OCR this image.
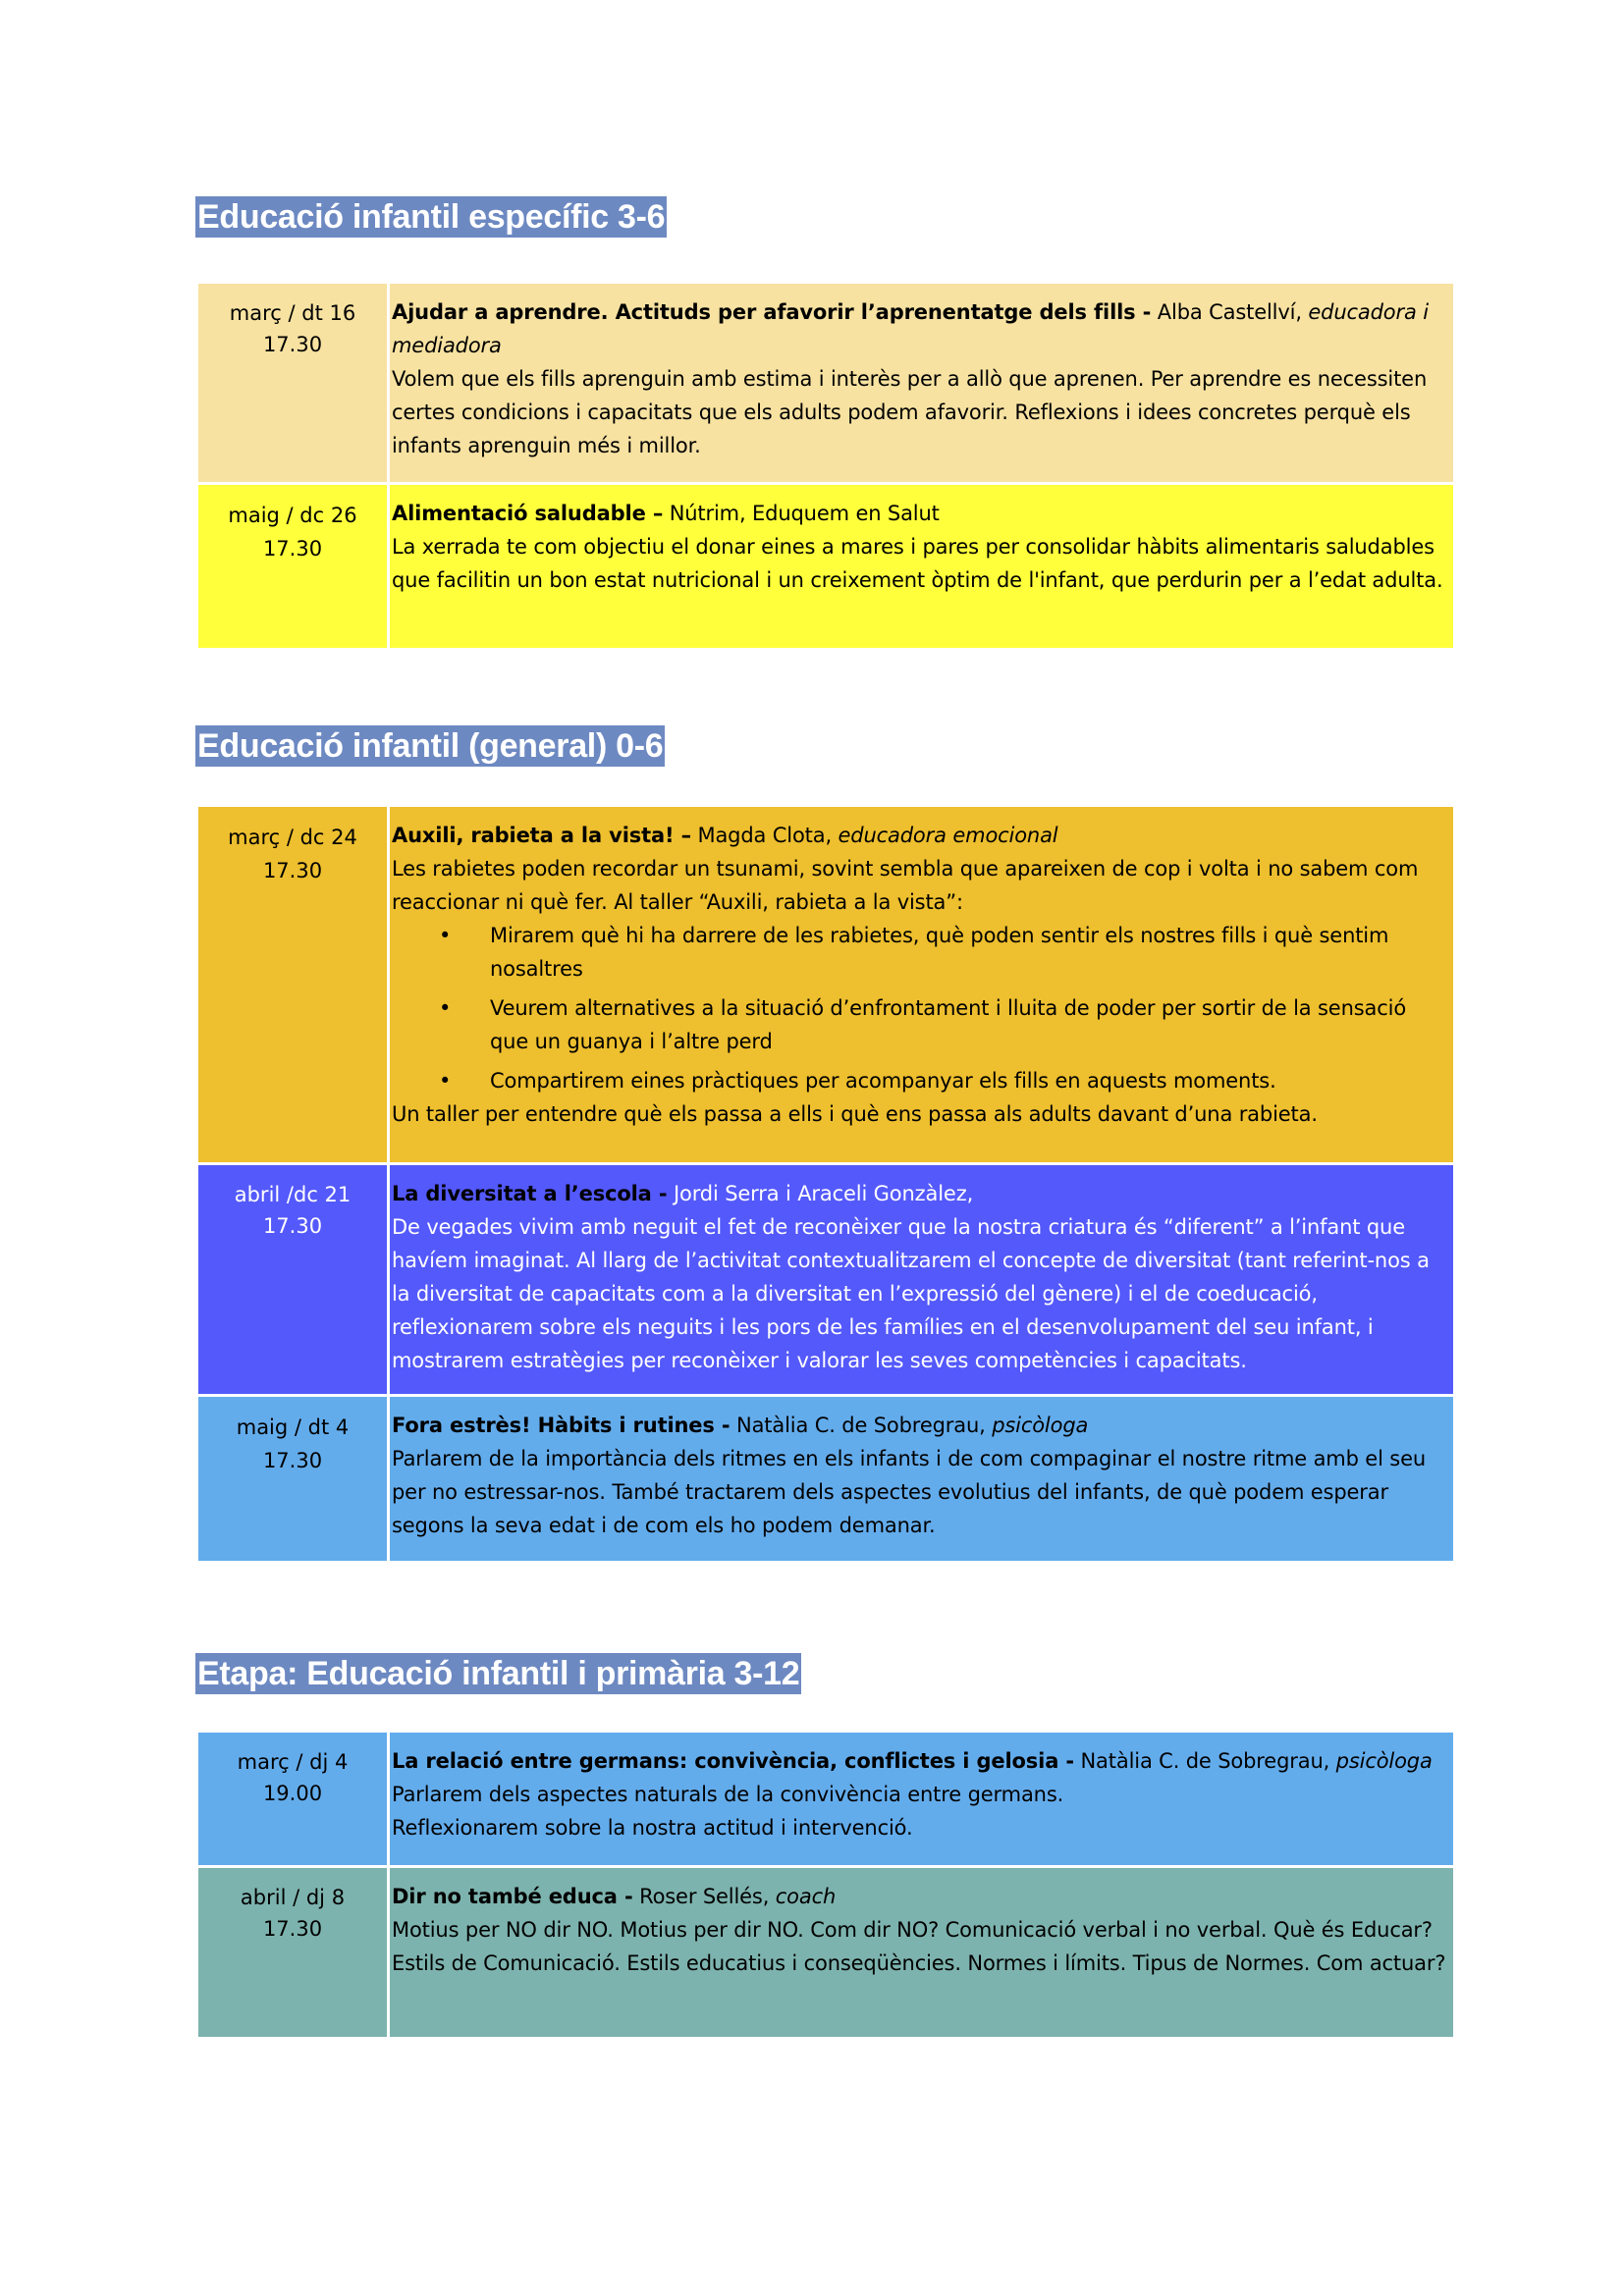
Educació infantil específic 3-6
març / dt 16
17.30

Ajudar a aprendre. Actituds per afavorir l’aprenentatge dels fills - Alba Castellví, educadora i mediadora

Volem que els fills aprenguin amb estima i interès per a allò que aprenen. Per aprendre es necessiten certes condicions i capacitats que els adults podem afavorir. Reflexions i idees concretes perquè els infants aprenguin més i millor.

maig / dc 26
17.30

Alimentació saludable – Nútrim, Eduquem en Salut

La xerrada te com objectiu el donar eines a mares i pares per consolidar hàbits alimentaris saludables que facilitin un bon estat nutricional i un creixement òptim de l'infant, que perdurin per a l’edat adulta.

Educació infantil (general) 0-6
març / dc 24
17.30

Auxili, rabieta a la vista! – Magda Clota, educadora emocional

Les rabietes poden recordar un tsunami, sovint sembla que apareixen de cop i volta i no sabem com reaccionar ni què fer. Al taller “Auxili, rabieta a la vista”:

• Mirarem què hi ha darrere de les rabietes, què poden sentir els nostres fills i què sentim nosaltres
• Veurem alternatives a la situació d’enfrontament i lluita de poder per sortir de la sensació que un guanya i l’altre perd
• Compartirem eines pràctiques per acompanyar els fills en aquests moments.

Un taller per entendre què els passa a ells i què ens passa als adults davant d’una rabieta.

abril /dc 21
17.30

La diversitat a l’escola - Jordi Serra i Araceli Gonzàlez,

De vegades vivim amb neguit el fet de reconèixer que la nostra criatura és “diferent” a l’infant que havíem imaginat. Al llarg de l’activitat contextualitzarem el concepte de diversitat (tant referint-nos a la diversitat de capacitats com a la diversitat en l’expressió del gènere) i el de coeducació, reflexionarem sobre els neguits i les pors de les famílies en el desenvolupament del seu infant, i mostrarem estratègies per reconèixer i valorar les seves competències i capacitats.

maig / dt 4
17.30

Fora estrès! Hàbits i rutines - Natàlia C. de Sobregrau, psicòloga

Parlarem de la importància dels ritmes en els infants i de com compaginar el nostre ritme amb el seu per no estressar-nos. També tractarem dels aspectes evolutius del infants, de què podem esperar segons la seva edat i de com els ho podem demanar.

Etapa: Educació infantil i primària 3-12
març / dj 4
19.00

La relació entre germans: convivència, conflictes i gelosia - Natàlia C. de Sobregrau, psicòloga

Parlarem dels aspectes naturals de la convivència entre germans.

Reflexionarem sobre la nostra actitud i intervenció.

abril / dj 8
17.30

Dir no també educa - Roser Sellés, coach

Motius per NO dir NO. Motius per dir NO. Com dir NO? Comunicació verbal i no verbal. Què és Educar? Estils de Comunicació. Estils educatius i conseqüències. Normes i límits. Tipus de Normes. Com actuar?
